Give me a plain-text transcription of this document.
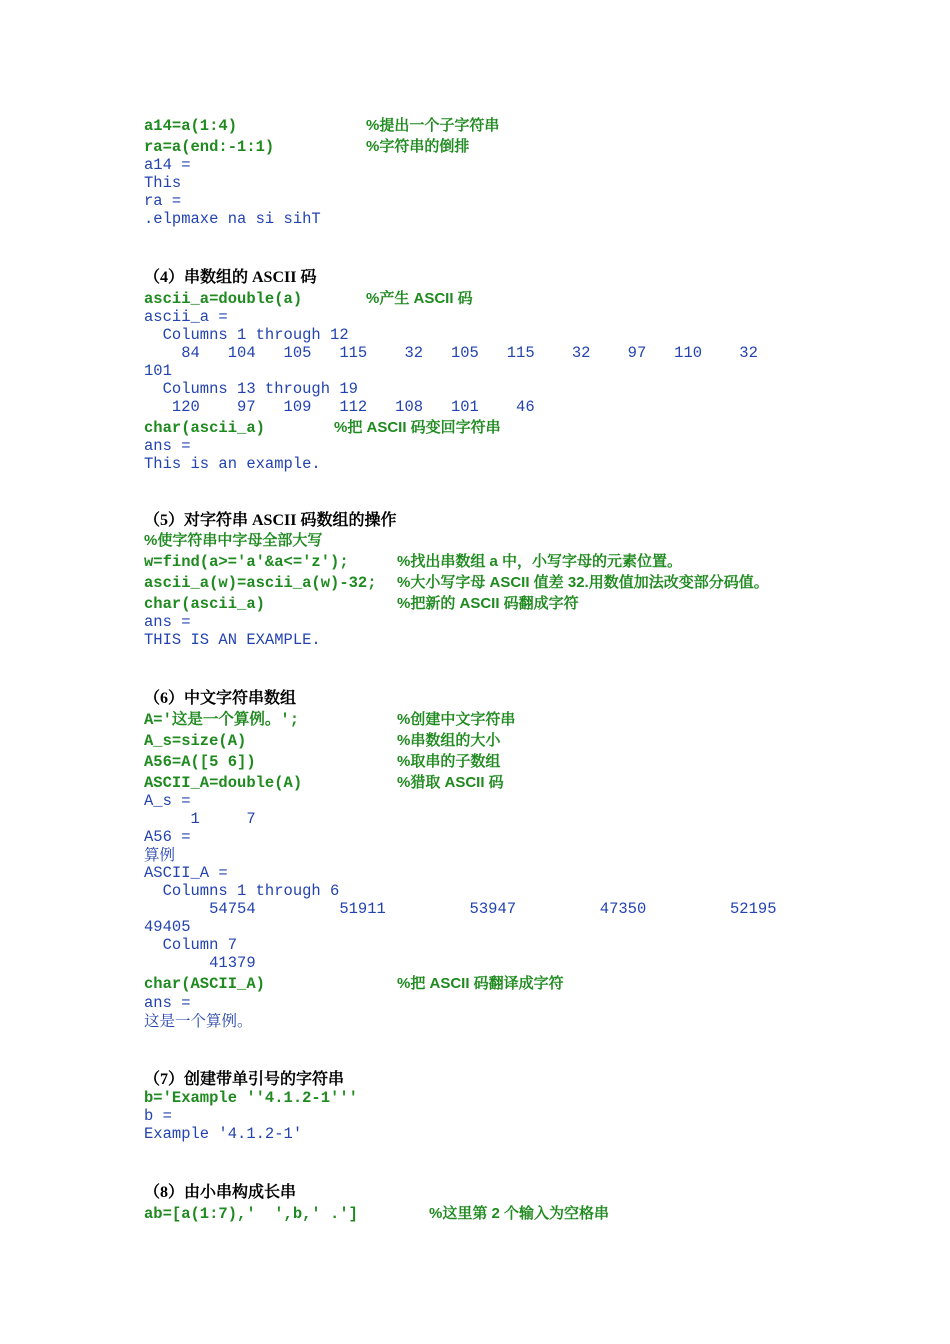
a14=a(1:4)	%提出一个子字符串
ra=a(end:-1:1)	%字符串的倒排
a14 =
This
ra =
.elpmaxe na si sihT
（4）串数组的 ASCII 码
ascii_a=double(a)	%产生 ASCII 码
ascii_a =
Columns 1 through 12
84   104   105   115    32   105   115    32    97   110    32
101
Columns 13 through 19
120    97   109   112   108   101    46
char(ascii_a)	%把 ASCII 码变回字符串
ans =
This is an example.
（5）对字符串 ASCII 码数组的操作
%使字符串中字母全部大写
w=find(a>='a'&a<='z');	%找出串数组 a 中，小写字母的元素位置。
ascii_a(w)=ascii_a(w)-32; %大小写字母 ASCII 值差 32.用数值加法改变部分码值。
char(ascii_a)	%把新的 ASCII 码翻成字符
ans =
THIS IS AN EXAMPLE.
（6）中文字符串数组
A='这是一个算例。';	%创建中文字符串
A_s=size(A)	%串数组的大小
A56=A([5 6])	%取串的子数组
ASCII_A=double(A)	%猎取 ASCII 码
A_s =
1     7
A56 =
算例
ASCII_A =
Columns 1 through 6
54754         51911         53947         47350         52195
49405
Column 7
41379
char(ASCII_A)	%把 ASCII 码翻译成字符
ans =
这是一个算例。
（7）创建带单引号的字符串
b='Example ''4.1.2-1'''
b =
Example '4.1.2-1'
（8）由小串构成长串
ab=[a(1:7),'  ',b,' .']	%这里第 2 个输入为空格串
